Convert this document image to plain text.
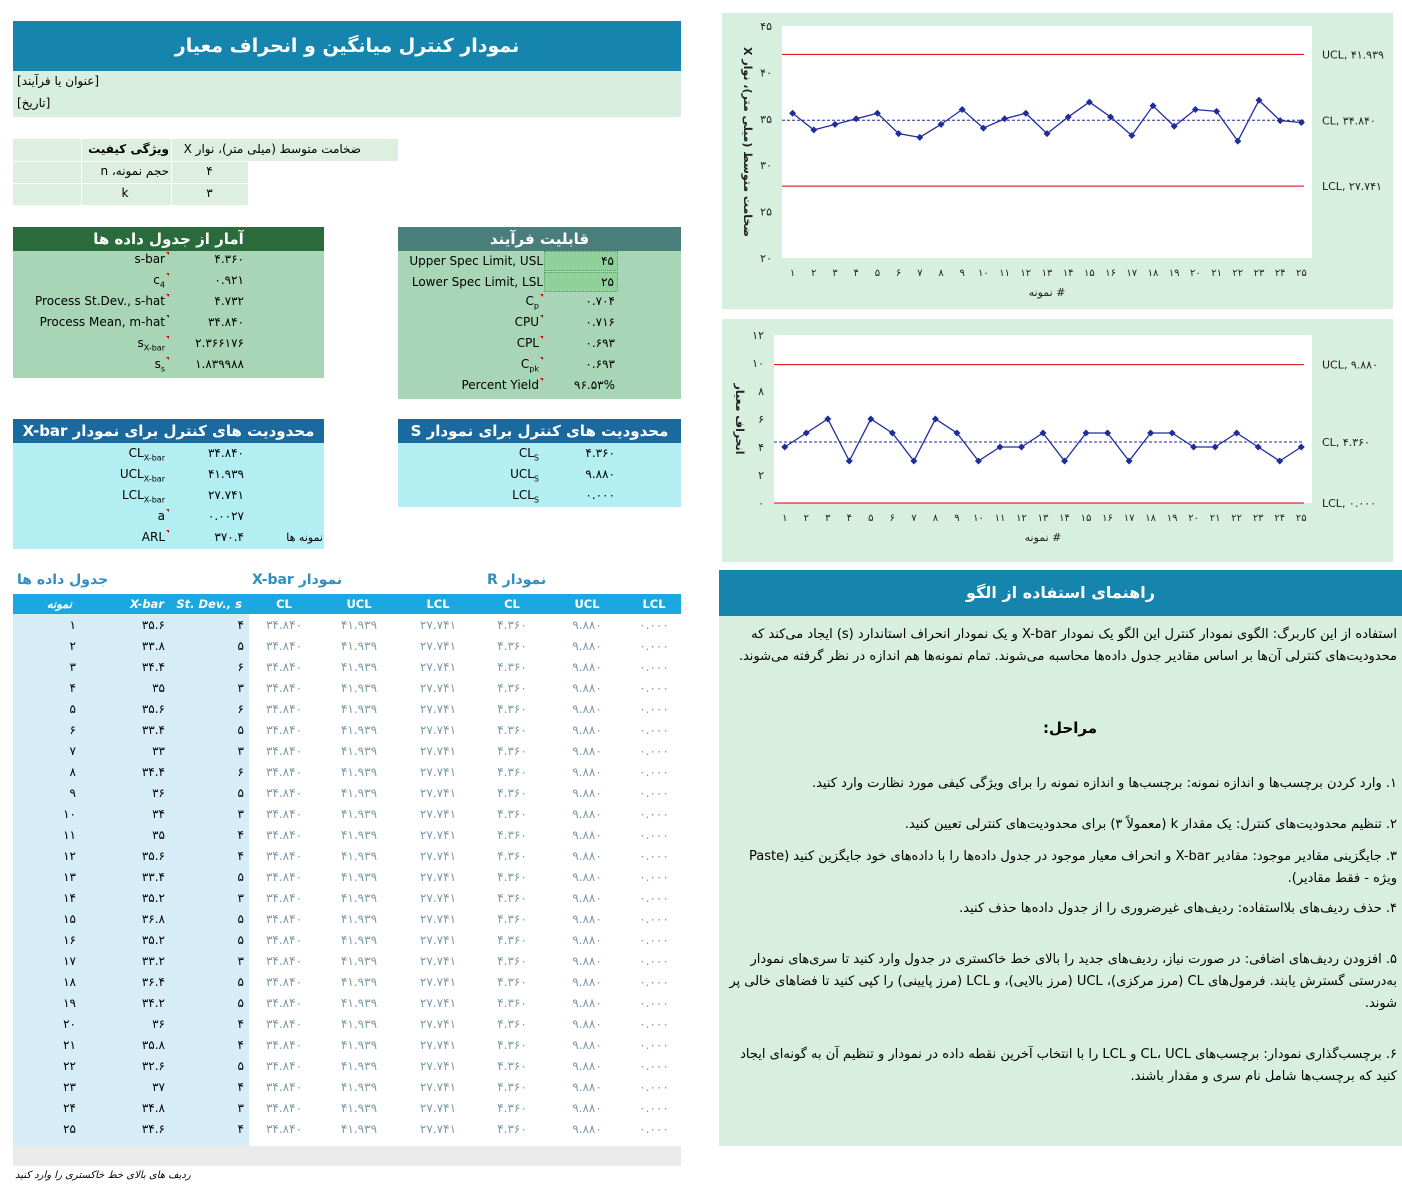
نمودار کنترل میانگین و انحراف معیار
[عنوان یا فرآیند]
[تاریخ]
ویژگی کیفیت	ضخامت متوسط (میلی متر)، نوار X
حجم نمونه، n	۴
k	۳
آمار از جدول داده ها
s-bar	۴.۳۶۰
$c_4$	۰.۹۲۱
Process St.Dev., s-hat	۴.۷۳۲
Process Mean, m-hat	۳۴.۸۴۰
$s_{X-bar}$	۲.۳۶۶۱۷۶
$s_s$	۱.۸۳۹۹۸۸
قابلیت فرآیند
Upper Spec Limit, USL	۴۵
Lower Spec Limit, LSL	۲۵
$C_p$	۰.۷۰۴
CPU	۰.۷۱۶
CPL	۰.۶۹۳
$C_{pk}$	۰.۶۹۳
Percent Yield	۹۶.۵۳%
محدودیت های کنترل برای نمودار X-bar
نمونه ها
$CL_{X-bar}$	۳۴.۸۴۰
$UCL_{X-bar}$	۴۱.۹۳۹
$LCL_{X-bar}$	۲۷.۷۴۱
a	۰.۰۰۲۷
ARL	۳۷۰.۴
محدودیت های کنترل برای نمودار S
$CL_S$	۴.۳۶۰
$UCL_S$	۹.۸۸۰
$LCL_S$	۰.۰۰۰
جدول داده ها	نمودار X-bar	نمودار R
نمونه	X-bar	St. Dev., s	CL	UCL	LCL	CL	UCL	LCL
۱	۳۵.۶	۴	۳۴.۸۴۰	۴۱.۹۳۹	۲۷.۷۴۱	۴.۳۶۰	۹.۸۸۰	۰.۰۰۰
۲	۳۳.۸	۵	۳۴.۸۴۰	۴۱.۹۳۹	۲۷.۷۴۱	۴.۳۶۰	۹.۸۸۰	۰.۰۰۰
۳	۳۴.۴	۶	۳۴.۸۴۰	۴۱.۹۳۹	۲۷.۷۴۱	۴.۳۶۰	۹.۸۸۰	۰.۰۰۰
۴	۳۵	۳	۳۴.۸۴۰	۴۱.۹۳۹	۲۷.۷۴۱	۴.۳۶۰	۹.۸۸۰	۰.۰۰۰
۵	۳۵.۶	۶	۳۴.۸۴۰	۴۱.۹۳۹	۲۷.۷۴۱	۴.۳۶۰	۹.۸۸۰	۰.۰۰۰
۶	۳۳.۴	۵	۳۴.۸۴۰	۴۱.۹۳۹	۲۷.۷۴۱	۴.۳۶۰	۹.۸۸۰	۰.۰۰۰
۷	۳۳	۳	۳۴.۸۴۰	۴۱.۹۳۹	۲۷.۷۴۱	۴.۳۶۰	۹.۸۸۰	۰.۰۰۰
۸	۳۴.۴	۶	۳۴.۸۴۰	۴۱.۹۳۹	۲۷.۷۴۱	۴.۳۶۰	۹.۸۸۰	۰.۰۰۰
۹	۳۶	۵	۳۴.۸۴۰	۴۱.۹۳۹	۲۷.۷۴۱	۴.۳۶۰	۹.۸۸۰	۰.۰۰۰
۱۰	۳۴	۳	۳۴.۸۴۰	۴۱.۹۳۹	۲۷.۷۴۱	۴.۳۶۰	۹.۸۸۰	۰.۰۰۰
۱۱	۳۵	۴	۳۴.۸۴۰	۴۱.۹۳۹	۲۷.۷۴۱	۴.۳۶۰	۹.۸۸۰	۰.۰۰۰
۱۲	۳۵.۶	۴	۳۴.۸۴۰	۴۱.۹۳۹	۲۷.۷۴۱	۴.۳۶۰	۹.۸۸۰	۰.۰۰۰
۱۳	۳۳.۴	۵	۳۴.۸۴۰	۴۱.۹۳۹	۲۷.۷۴۱	۴.۳۶۰	۹.۸۸۰	۰.۰۰۰
۱۴	۳۵.۲	۳	۳۴.۸۴۰	۴۱.۹۳۹	۲۷.۷۴۱	۴.۳۶۰	۹.۸۸۰	۰.۰۰۰
۱۵	۳۶.۸	۵	۳۴.۸۴۰	۴۱.۹۳۹	۲۷.۷۴۱	۴.۳۶۰	۹.۸۸۰	۰.۰۰۰
۱۶	۳۵.۲	۵	۳۴.۸۴۰	۴۱.۹۳۹	۲۷.۷۴۱	۴.۳۶۰	۹.۸۸۰	۰.۰۰۰
۱۷	۳۳.۲	۳	۳۴.۸۴۰	۴۱.۹۳۹	۲۷.۷۴۱	۴.۳۶۰	۹.۸۸۰	۰.۰۰۰
۱۸	۳۶.۴	۵	۳۴.۸۴۰	۴۱.۹۳۹	۲۷.۷۴۱	۴.۳۶۰	۹.۸۸۰	۰.۰۰۰
۱۹	۳۴.۲	۵	۳۴.۸۴۰	۴۱.۹۳۹	۲۷.۷۴۱	۴.۳۶۰	۹.۸۸۰	۰.۰۰۰
۲۰	۳۶	۴	۳۴.۸۴۰	۴۱.۹۳۹	۲۷.۷۴۱	۴.۳۶۰	۹.۸۸۰	۰.۰۰۰
۲۱	۳۵.۸	۴	۳۴.۸۴۰	۴۱.۹۳۹	۲۷.۷۴۱	۴.۳۶۰	۹.۸۸۰	۰.۰۰۰
۲۲	۳۲.۶	۵	۳۴.۸۴۰	۴۱.۹۳۹	۲۷.۷۴۱	۴.۳۶۰	۹.۸۸۰	۰.۰۰۰
۲۳	۳۷	۴	۳۴.۸۴۰	۴۱.۹۳۹	۲۷.۷۴۱	۴.۳۶۰	۹.۸۸۰	۰.۰۰۰
۲۴	۳۴.۸	۳	۳۴.۸۴۰	۴۱.۹۳۹	۲۷.۷۴۱	۴.۳۶۰	۹.۸۸۰	۰.۰۰۰
۲۵	۳۴.۶	۴	۳۴.۸۴۰	۴۱.۹۳۹	۲۷.۷۴۱	۴.۳۶۰	۹.۸۸۰	۰.۰۰۰
ردیف های بالای خط خاکستری را وارد کنید
۲۰
۲۵
۳۰
۳۵
۴۰
۴۵
۱ ۲ ۳ ۴ ۵ ۶ ۷ ۸ ۹ ۱۰ ۱۱ ۱۲ ۱۳ ۱۴ ۱۵ ۱۶ ۱۷ ۱۸ ۱۹ ۲۰ ۲۱ ۲۲ ۲۳ ۲۴ ۲۵
# نمونه
ضخامت متوسط (میلی متر)، نوار X
UCL, ۴۱.۹۳۹
CL, ۳۴.۸۴۰
LCL, ۲۷.۷۴۱
۰
۲
۴
۶
۸
۱۰
۱۲
۱ ۲ ۳ ۴ ۵ ۶ ۷ ۸ ۹ ۱۰ ۱۱ ۱۲ ۱۳ ۱۴ ۱۵ ۱۶ ۱۷ ۱۸ ۱۹ ۲۰ ۲۱ ۲۲ ۲۳ ۲۴ ۲۵
# نمونه
انحراف معیار
UCL, ۹.۸۸۰
CL, ۴.۳۶۰
LCL, ۰.۰۰۰
راهنمای استفاده از الگو
استفاده از این کاربرگ: الگوی نمودار کنترل این الگو یک نمودار X-bar و یک نمودار انحراف استاندارد (s) ایجاد می‌کند که محدودیت‌های کنترلی آن‌ها بر اساس مقادیر جدول داده‌ها محاسبه می‌شوند. تمام نمونه‌ها هم اندازه در نظر گرفته می‌شوند.
مراحل:
۱. وارد کردن برچسب‌ها و اندازه نمونه: برچسب‌ها و اندازه نمونه را برای ویژگی کیفی مورد نظارت وارد کنید.
۲. تنظیم محدودیت‌های کنترل: یک مقدار k (معمولاً ۳) برای محدودیت‌های کنترلی تعیین کنید.
۳. جایگزینی مقادیر موجود: مقادیر X-bar و انحراف معیار موجود در جدول داده‌ها را با داده‌های خود جایگزین کنید (Paste ویژه - فقط مقادیر).
۴. حذف ردیف‌های بلااستفاده: ردیف‌های غیرضروری را از جدول داده‌ها حذف کنید.
۵. افزودن ردیف‌های اضافی: در صورت نیاز، ردیف‌های جدید را بالای خط خاکستری در جدول وارد کنید تا سری‌های نمودار به‌درستی گسترش یابند. فرمول‌های CL (مرز مرکزی)، UCL (مرز بالایی)، و LCL (مرز پایینی) را کپی کنید تا فضاهای خالی پر شوند.
۶. برچسب‌گذاری نمودار: برچسب‌های CL، UCL و LCL را با انتخاب آخرین نقطه داده در نمودار و تنظیم آن به گونه‌ای ایجاد کنید که برچسب‌ها شامل نام سری و مقدار باشند.
